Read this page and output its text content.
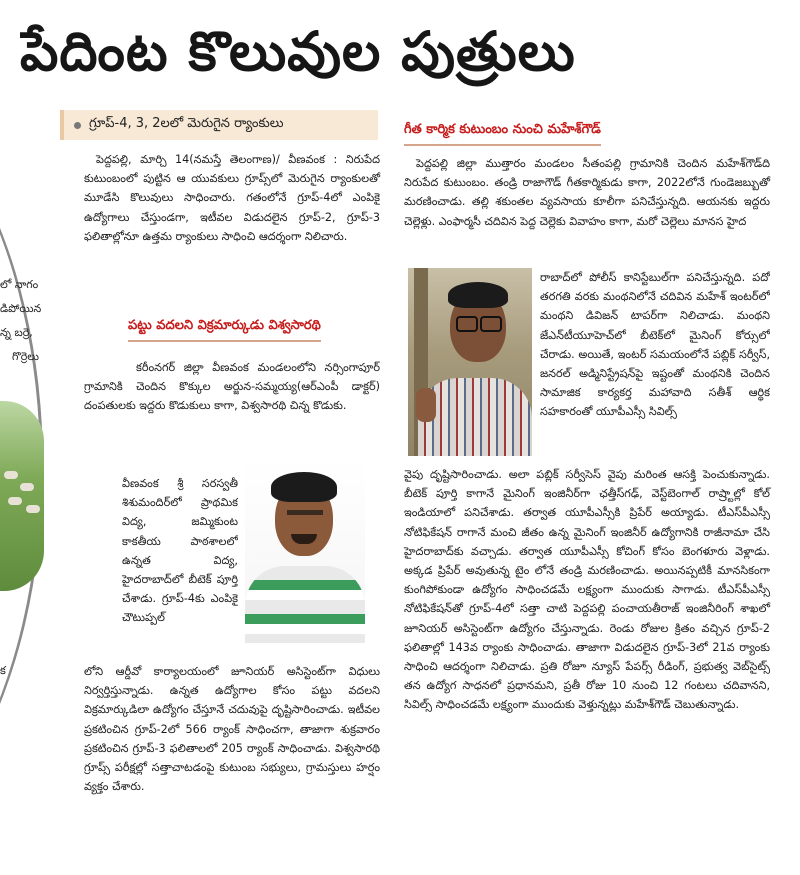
పేదింట కొలువుల పుత్రులు
లో నాగం
డిపోయిన
న్న బర్రె,
గొర్రెలు
క
గ్రూప్‌-4, 3, 2లలో మెరుగైన ర్యాంకులు

పెద్దపల్లి, మార్చి 14(నమస్తే తెలంగాణ)/ వీణవంక : నిరుపేద కుటుంబంలో పుట్టిన ఆ యువకులు గ్రూప్స్‌లో మెరుగైన ర్యాంకులతో మూడేసి కొలువులు సాధించారు. గతంలోనే గ్రూప్‌-4లో ఎంపికై ఉద్యోగాలు చేస్తుండగా, ఇటీవల విడుదలైన గ్రూప్‌-2, గ్రూప్‌-3 ఫలితాల్లోనూ ఉత్తమ ర్యాంకులు సాధించి ఆదర్శంగా నిలిచారు.

పట్టు వదలని విక్రమార్కుడు విశ్వసారథి

కరీంనగర్‌ జిల్లా వీణవంక మండలంలోని నర్సింగాపూర్‌ గ్రామానికి చెందిన కొక్కుల అర్జున-సమ్మయ్య(ఆర్‌ఎంపీ డాక్టర్‌) దంపతులకు ఇద్దరు కొడుకులు కాగా, విశ్వసారథి చిన్న కొడుకు.

వీణవంక శ్రీ సరస్వతీ శిశుమందిర్‌లో ప్రాథమిక విద్య, జమ్మికుంట కాకతీయ పాఠశాలలో ఉన్నత విద్య, హైదరాబాద్‌లో బీటెక్‌ పూర్తి చేశాడు. గ్రూప్‌-4కు ఎంపికై చౌటుప్పల్‌

లోని ఆర్డీవో కార్యాలయంలో జూనియర్‌ అసిస్టెంట్‌గా విధులు నిర్వర్తిస్తున్నాడు. ఉన్నత ఉద్యోగాల కోసం పట్టు వదలని విక్రమార్కుడిలా ఉద్యోగం చేస్తూనే చదువుపై దృష్టిసారించాడు. ఇటీవల ప్రకటించిన గ్రూప్‌-2లో 566 ర్యాంక్‌ సాధించగా, తాజాగా శుక్రవారం ప్రకటించిన గ్రూప్‌-3 ఫలితాలలో 205 ర్యాంక్‌ సాధించాడు. విశ్వసారథి గ్రూప్స్‌ పరీక్షల్లో సత్తాచాటడంపై కుటుంబ సభ్యులు, గ్రామస్తులు హర్షం వ్యక్తం చేశారు.

గీత కార్మిక కుటుంబం నుంచి మహేశ్‌గౌడ్‌

పెద్దపల్లి జిల్లా ముత్తారం మండలం సీతంపల్లి గ్రామానికి చెందిన మహేశ్‌గౌడ్‌ది నిరుపేద కుటుంబం. తండ్రి రాజాగౌడ్‌ గీతకార్మికుడు కాగా, 2022లోనే గుండెజబ్బుతో మరణించాడు. తల్లి శకుంతల వ్యవసాయ కూలీగా పనిచేస్తున్నది. ఆయనకు ఇద్దరు చెల్లెళ్లు. ఎంఫార్మసీ చదివిన పెద్ద చెల్లెకు వివాహం కాగా, మరో చెల్లెలు మానస హైద

రాబాద్‌లో పోలీస్‌ కానిస్టేబుల్‌గా పనిచేస్తున్నది. పదో తరగతి వరకు మంథనిలోనే చదివిన మహేశ్‌ ఇంటర్‌లో మంథని డివిజన్‌ టాపర్‌గా నిలిచాడు. మంథని జేఎన్‌టీయూహెచ్‌లో బీటెక్‌లో మైనింగ్‌ కోర్సులో చేరాడు. అయితే, ఇంటర్‌ సమయంలోనే పబ్లిక్‌ సర్వీస్‌, జనరల్‌ అడ్మినిస్ట్రేషన్‌పై ఇష్టంతో మంథనికి చెందిన సామాజిక కార్యకర్త మహావాది సతీశ్‌ ఆర్థిక సహకారంతో యూపీఎస్సీ సివిల్స్‌

వైపు దృష్టిసారించాడు. అలా పబ్లిక్‌ సర్వీసెస్‌ వైపు మరింత ఆసక్తి పెంచుకున్నాడు. బీటెక్‌ పూర్తి కాగానే మైనింగ్‌ ఇంజినీర్‌గా ఛత్తీస్‌గఢ్‌, వెస్ట్‌బెంగాల్‌ రాష్ర్టాల్లో కోల్‌ ఇండియాలో పనిచేశాడు. తర్వాత యూపీఎస్సీకి ప్రిపేర్‌ అయ్యాడు. టీఎస్‌పీఎస్సీ నోటిఫికేషన్‌ రాగానే మంచి జీతం ఉన్న మైనింగ్‌ ఇంజినీర్‌ ఉద్యోగానికి రాజీనామా చేసి హైదరాబాద్‌కు వచ్చాడు. తర్వాత యూపీఎస్సీ కోచింగ్‌ కోసం బెంగళూరు వెళ్లాడు. అక్కడ ప్రిపేర్‌ అవుతున్న టైం లోనే తండ్రి మరణించాడు. అయినప్పటికీ మానసికంగా కుంగిపోకుండా ఉద్యోగం సాధించడమే లక్ష్యంగా ముందుకు సాగాడు. టీఎస్‌పీఎస్సీ నోటిఫికేషన్‌తో గ్రూప్‌-4లో సత్తా చాటి పెద్దపల్లి పంచాయతీరాజ్‌ ఇంజినీరింగ్‌ శాఖలో జూనియర్‌ అసిస్టెంట్‌గా ఉద్యోగం చేస్తున్నాడు. రెండు రోజుల క్రితం వచ్చిన గ్రూప్‌-2 ఫలితాల్లో 143వ ర్యాంకు సాధించాడు. తాజాగా విడుదలైన గ్రూప్‌-3లో 21వ ర్యాంకు సాధించి ఆదర్శంగా నిలిచాడు. ప్రతి రోజూ న్యూస్‌ పేపర్స్‌ రీడింగ్‌, ప్రభుత్వ వెబ్‌సైట్స్‌ తన ఉద్యోగ సాధనలో ప్రధానమని, ప్రతీ రోజు 10 నుంచి 12 గంటలు చదివానని, సివిల్స్‌ సాధించడమే లక్ష్యంగా ముందుకు వెళ్తున్నట్లు మహేశ్‌గౌడ్‌ చెబుతున్నాడు.
